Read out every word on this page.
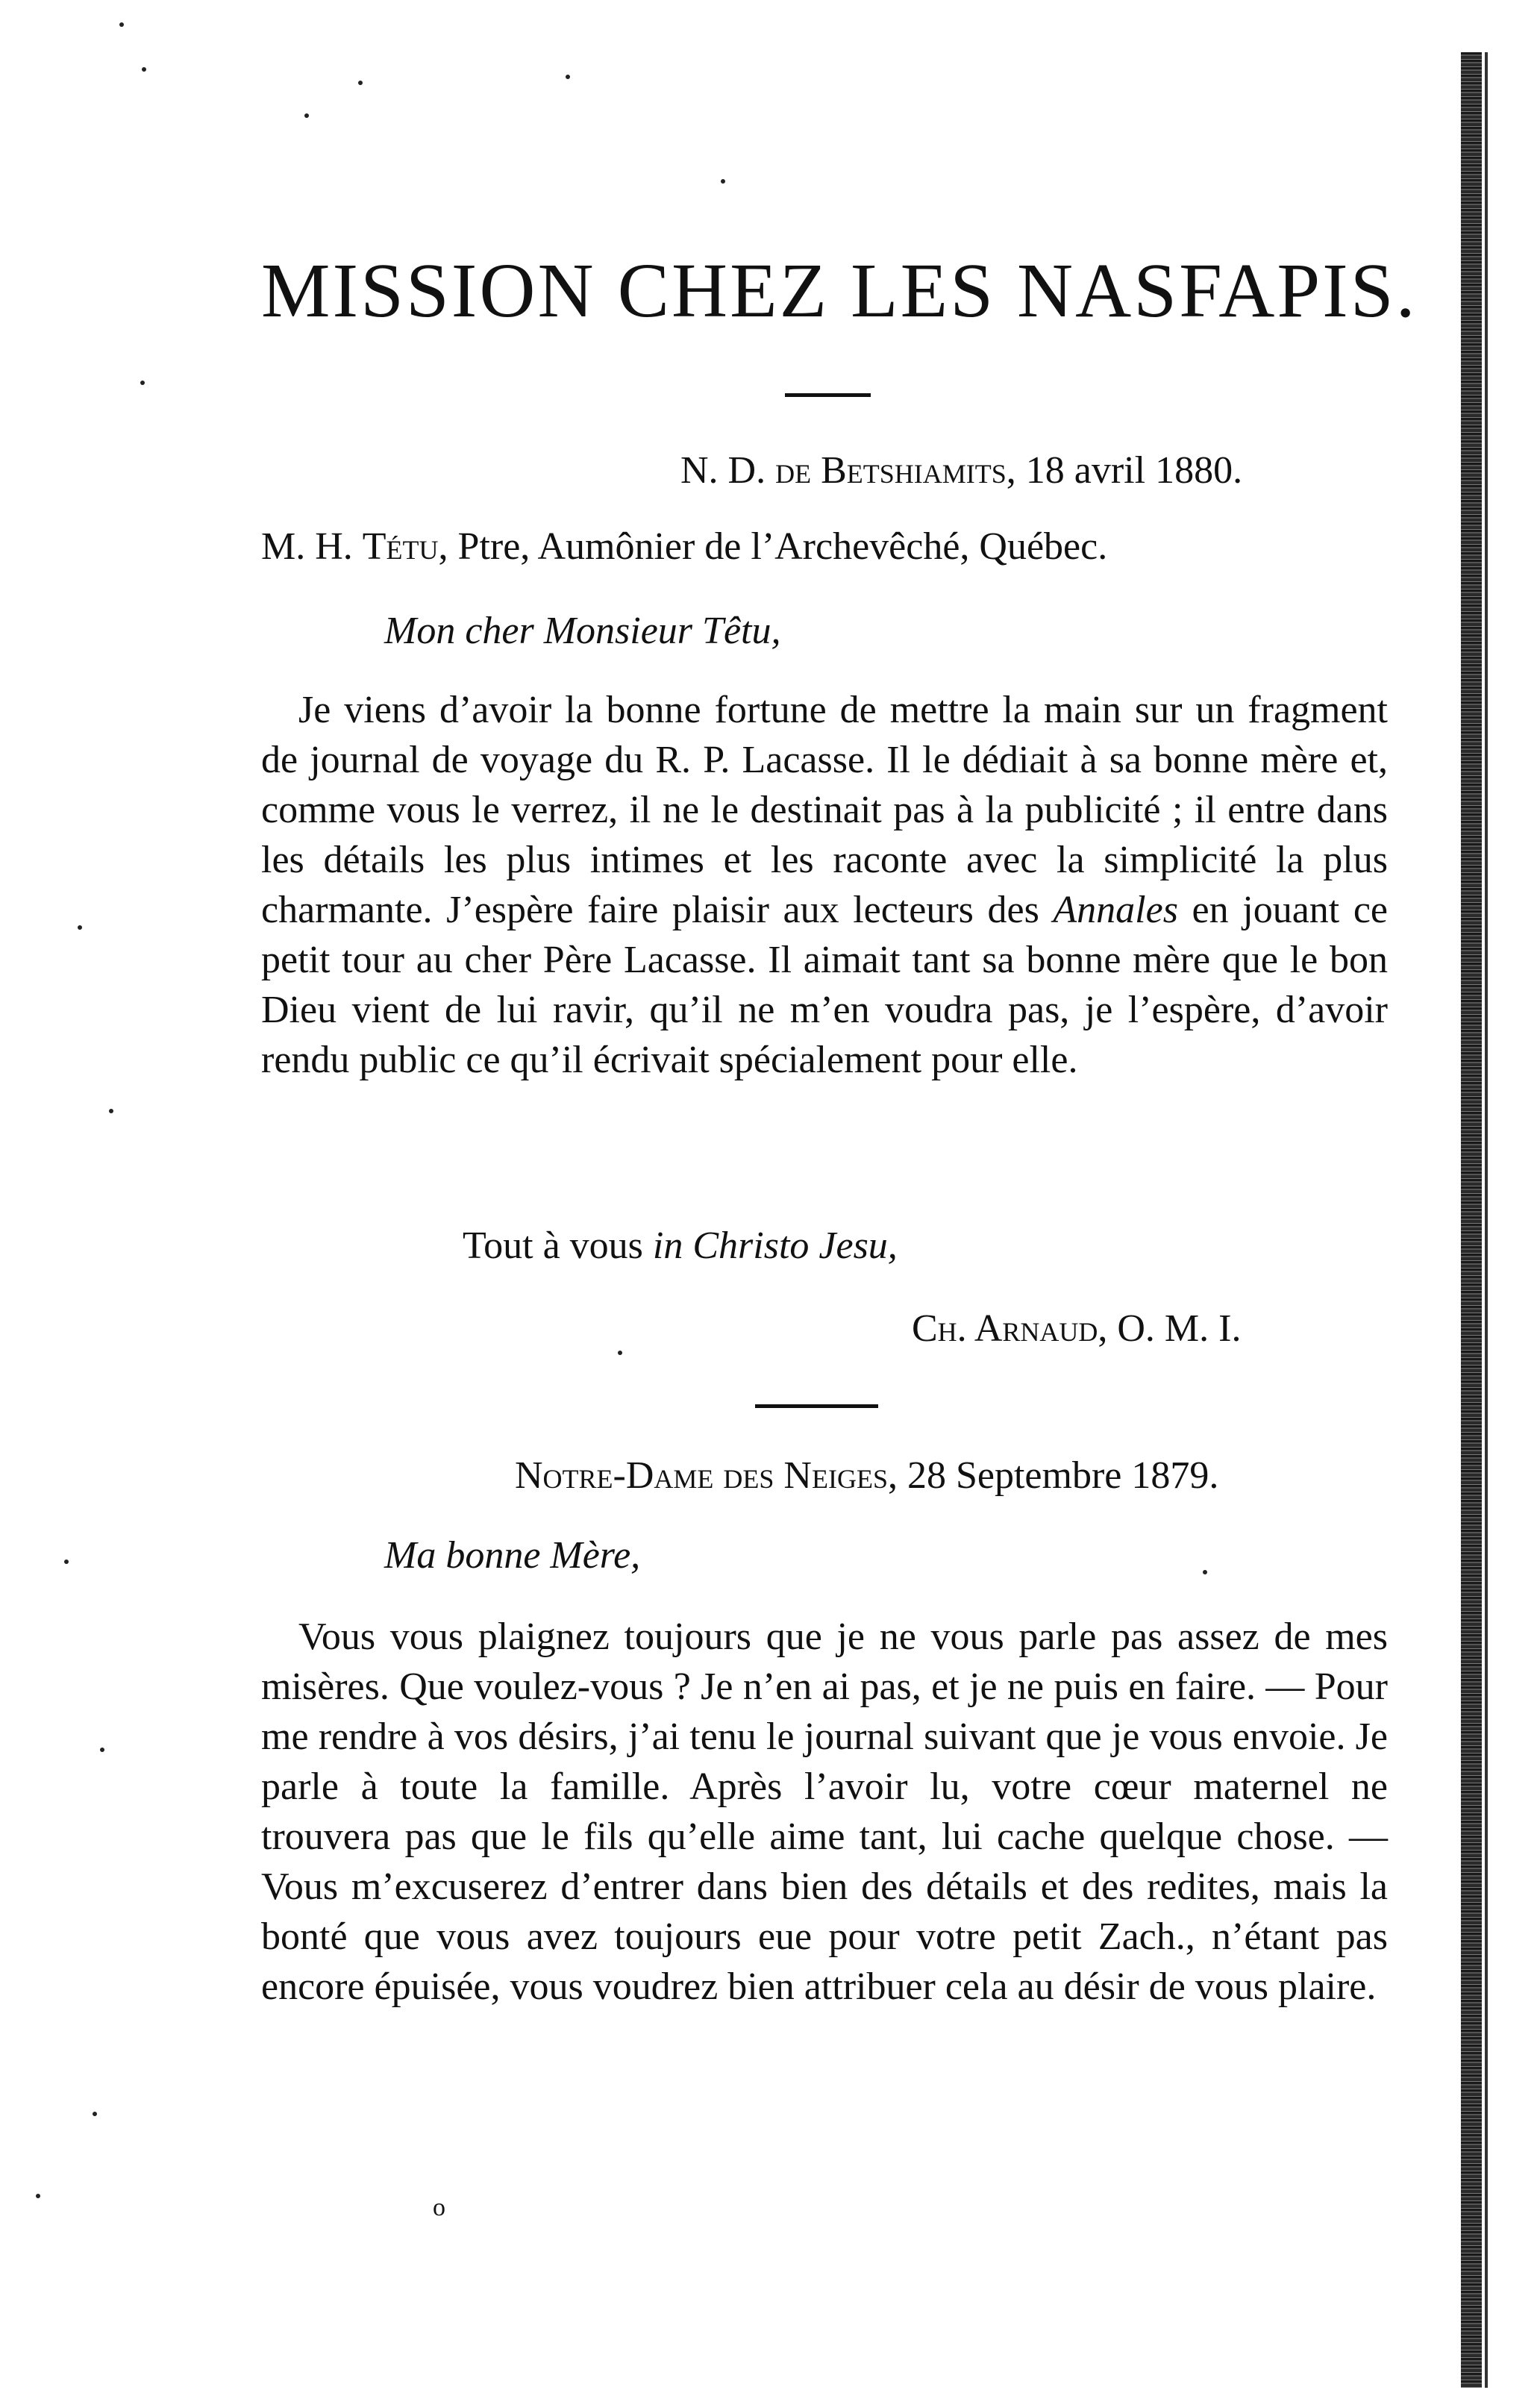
MISSION CHEZ LES NASFAPIS.

N. D. de Betshiamits, 18 avril 1880.

M. H. Tétu, Ptre, Aumônier de l’Archevêché, Québec.

Mon cher Monsieur Têtu,

Je viens d’avoir la bonne fortune de mettre la main sur un fragment de journal de voyage du R. P. Lacasse. Il le dédiait à sa bonne mère et, comme vous le verrez, il ne le destinait pas à la publicité ; il entre dans les détails les plus intimes et les raconte avec la simplicité la plus charmante. J’espère faire plaisir aux lecteurs des Annales en jouant ce petit tour au cher Père Lacasse. Il aimait tant sa bonne mère que le bon Dieu vient de lui ravir, qu’il ne m’en voudra pas, je l’espère, d’avoir rendu public ce qu’il écrivait spécialement pour elle.

Tout à vous in Christo Jesu,

Ch. Arnaud, O. M. I.

Notre-Dame des Neiges, 28 Septembre 1879.

Ma bonne Mère,

Vous vous plaignez toujours que je ne vous parle pas assez de mes misères. Que voulez-vous ? Je n’en ai pas, et je ne puis en faire. — Pour me rendre à vos désirs, j’ai tenu le journal suivant que je vous envoie. Je parle à toute la famille. Après l’avoir lu, votre cœur maternel ne trouvera pas que le fils qu’elle aime tant, lui cache quelque chose. —Vous m’excuserez d’entrer dans bien des détails et des redites, mais la bonté que vous avez toujours eue pour votre petit Zach., n’étant pas encore épuisée, vous voudrez bien attribuer cela au désir de vous plaire.

o
